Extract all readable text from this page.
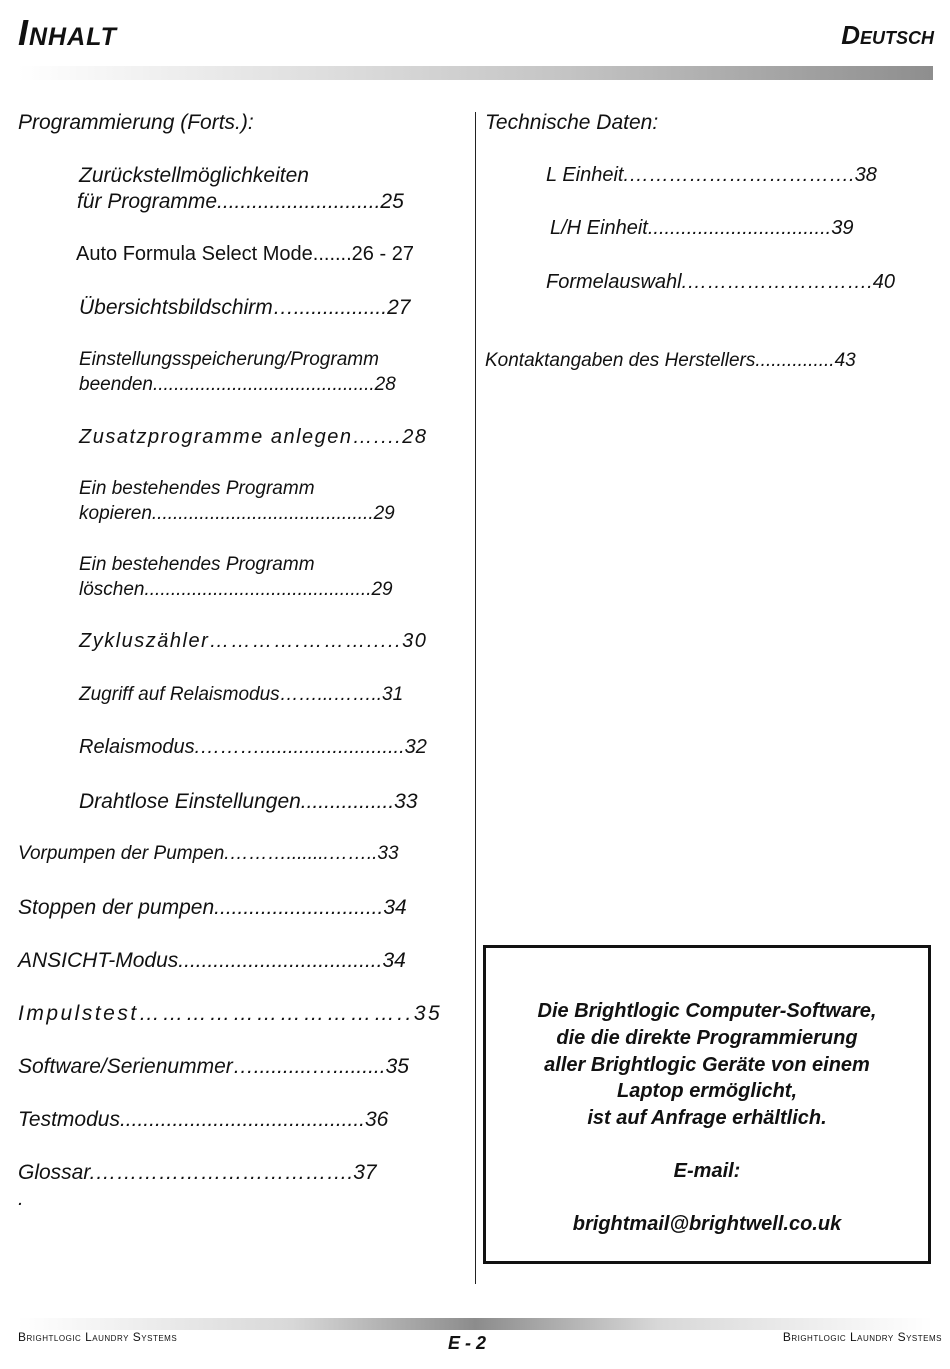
Inhalt	Deutsch
Programmierung (Forts.):
Zurückstellmöglichkeiten
für Programme............................25
Auto Formula Select Mode.......26 - 27
Übersichtsbildschirm…................27
Einstellungsspeicherung/Programm
beenden..........................................28
Zusatzprogramme anlegen…....28
Ein bestehendes Programm
kopieren..........................................29
Ein bestehendes Programm
löschen...........................................29
Zykluszähler………….……….....30
Zugriff auf Relaismodus……...……..31
Relaismodus.………..........................32
Drahtlose Einstellungen................33
Vorpumpen der Pumpen.………........……..33
Stoppen der pumpen.............................34
ANSICHT-Modus...................................34
Impulstest……………………………..35
Software/Serienummer…..........….........35
Testmodus..........................................36
Glossar.……………………………….37
.
Technische Daten:
L Einheit.…………………………….38
L/H Einheit.................................39
Formelauswahl.……………………….40
Kontaktangaben des Herstellers...............43
Die Brightlogic Computer-Software,
die die direkte Programmierung
aller Brightlogic Geräte von einem
Laptop ermöglicht,
ist auf Anfrage erhältlich.
E-mail:
brightmail@brightwell.co.uk
Brightlogic Laundry Systems	E - 2	Brightlogic Laundry Systems
